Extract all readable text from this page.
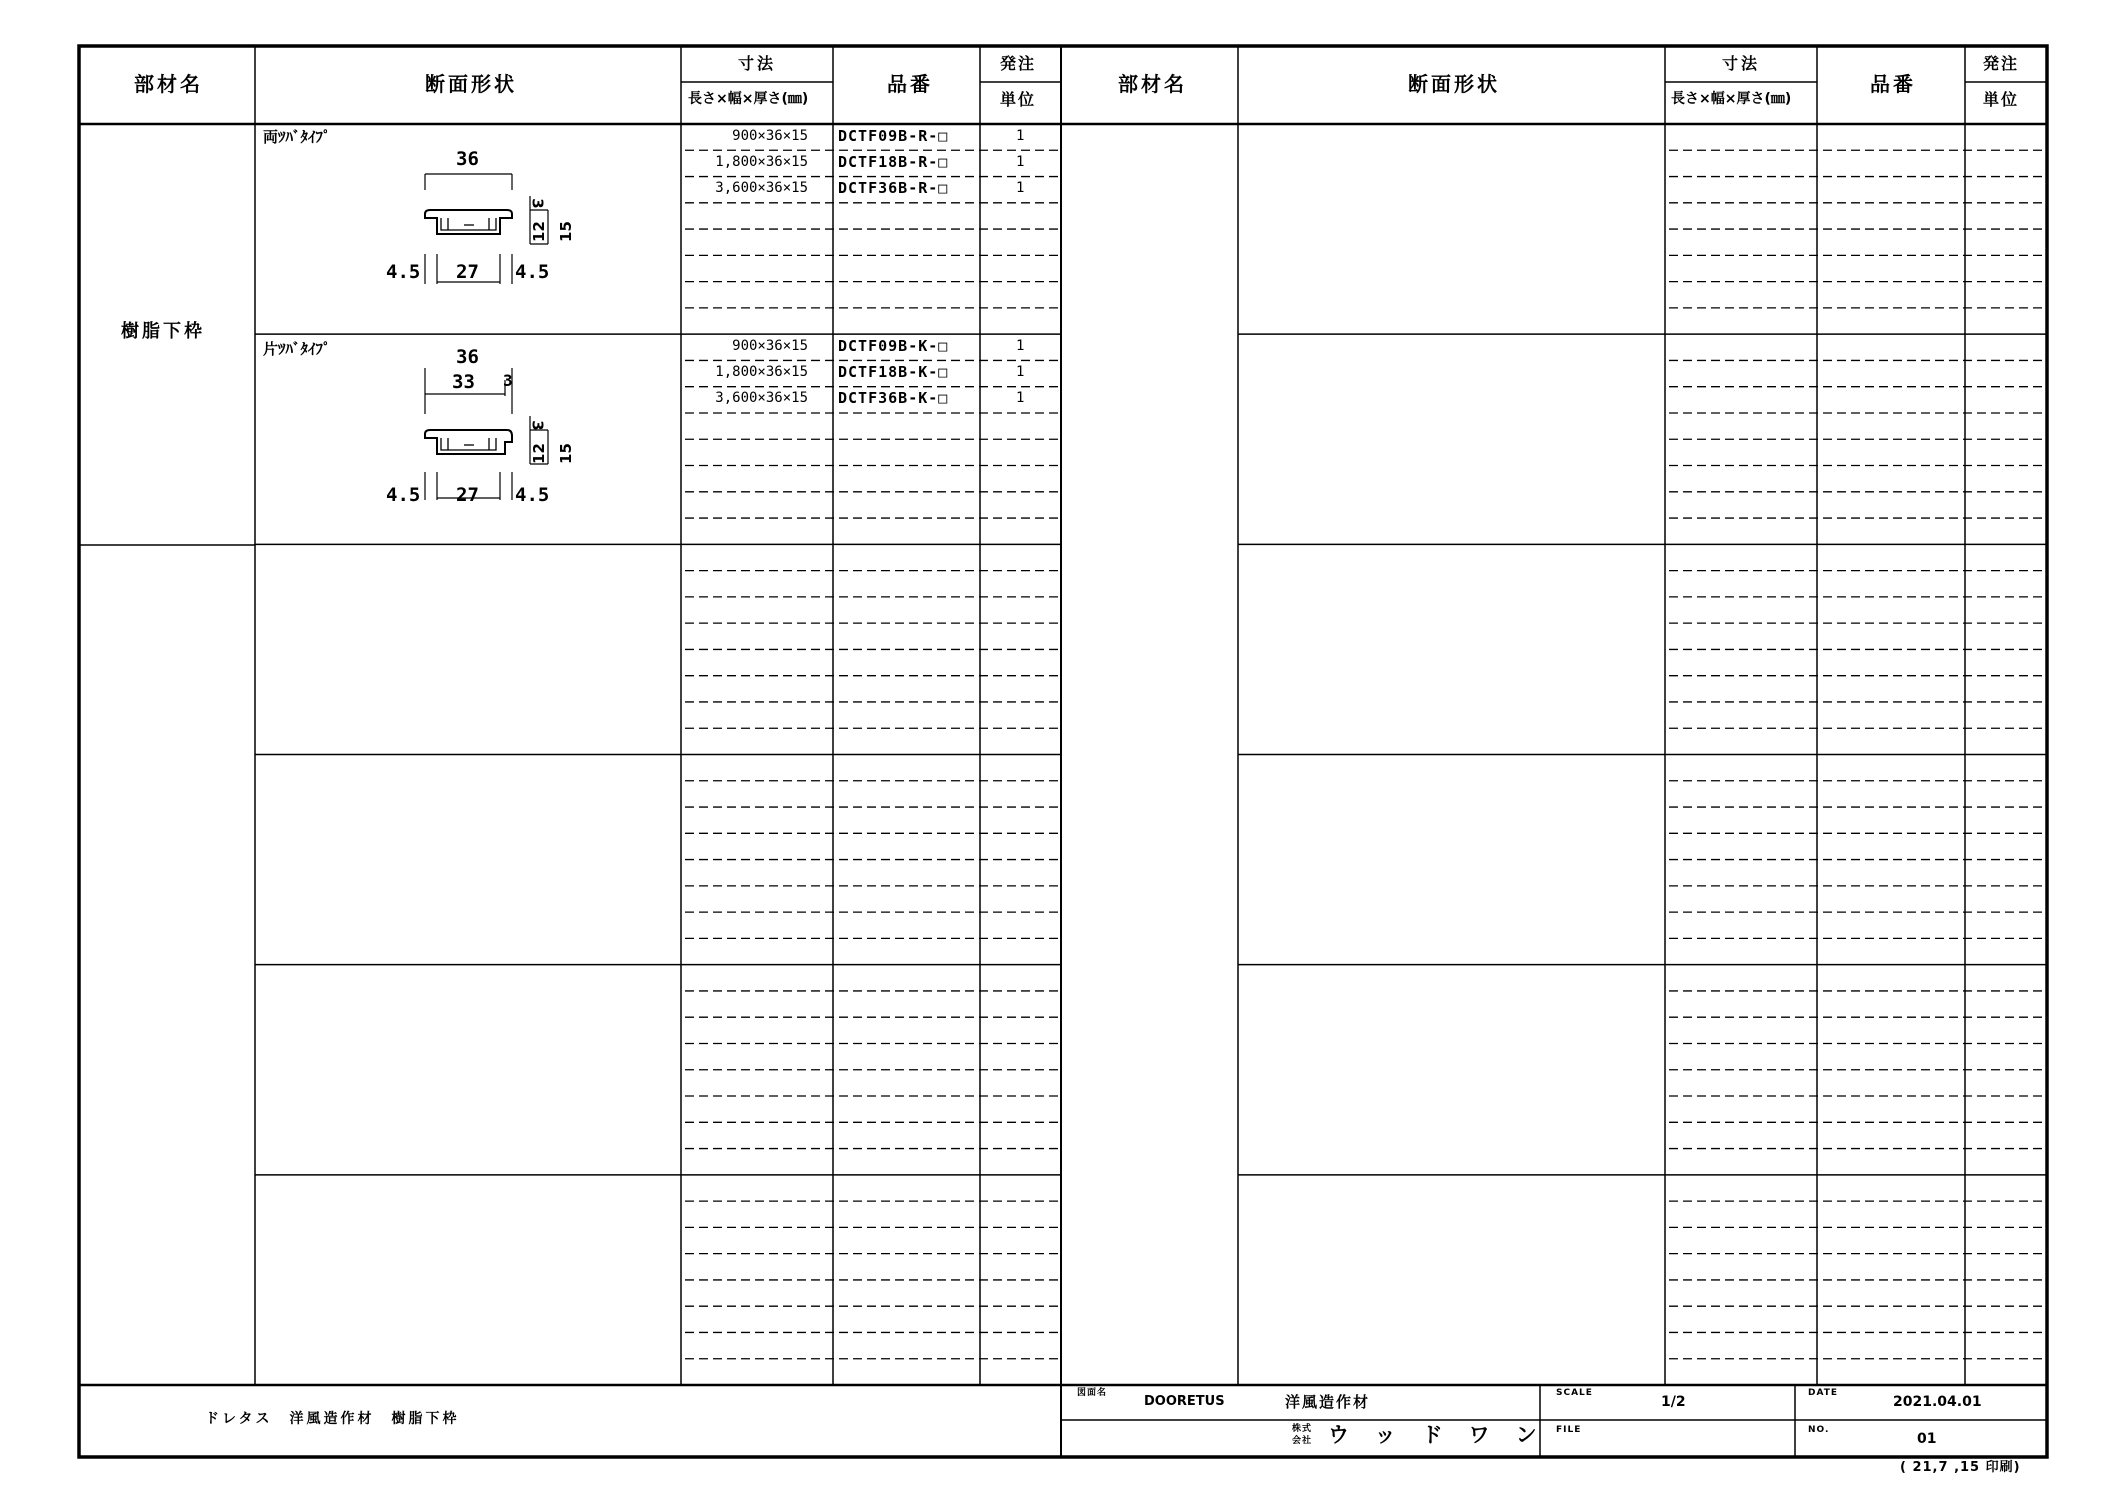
部材名	断面形状
寸法
長さ×幅×厚さ(㎜)
品番
発注
単位
部材名	断面形状
寸法
長さ×幅×厚さ(㎜)
品番
発注
単位
樹脂下枠
両ﾂﾊﾞﾀｲﾌﾟ
36
3
12 15
4.5 27 4.5
900×36×15 DCTF09B-R-□	1
1,800×36×15 DCTF18B-R-□	1
3,600×36×15 DCTF36B-R-□	1
片ﾂﾊﾞﾀｲﾌﾟ	36
33 3
3
12 15
4.5 27 4.5
900×36×15 DCTF09B-K-□	1
1,800×36×15 DCTF18B-K-□	1
3,600×36×15 DCTF36B-K-□	1
ドレタス　洋風造作材　樹脂下枠
図面名
DOORETUS	洋風造作材
株式
会社 ウッドワン
SCALE
1/2
FILE
DATE
2021.04.01
NO.
01
( 21,7 ,15 印刷)
